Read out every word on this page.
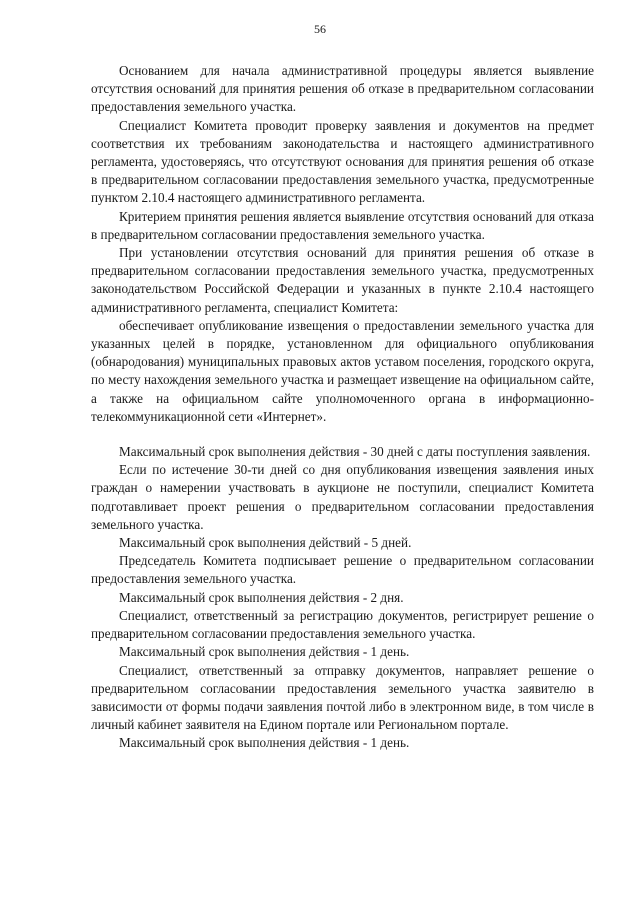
56

Основанием для начала административной процедуры является выявление отсутствия оснований для принятия решения об отказе в предварительном согласовании предоставления земельного участка.

Специалист Комитета проводит проверку заявления и документов на предмет соответствия их требованиям законодательства и настоящего административного регламента, удостоверяясь, что отсутствуют основания для принятия решения об отказе в предварительном согласовании предоставления земельного участка, предусмотренные пунктом 2.10.4 настоящего административного регламента.

Критерием принятия решения является выявление отсутствия оснований для отказа в предварительном согласовании предоставления земельного участка.

При установлении отсутствия оснований для принятия решения об отказе в предварительном согласовании предоставления земельного участка, предусмотренных законодательством Российской Федерации и указанных в пункте 2.10.4 настоящего административного регламента, специалист Комитета:

обеспечивает опубликование извещения о предоставлении земельного участка для указанных целей в порядке, установленном для официального опубликования (обнародования) муниципальных правовых актов уставом поселения, городского округа, по месту нахождения земельного участка и размещает извещение на официальном сайте, а также на официальном сайте уполномоченного органа в информационно-телекоммуникационной сети «Интернет».

Максимальный срок выполнения действия - 30 дней с даты поступления заявления.

Если по истечение 30-ти дней со дня опубликования извещения заявления иных граждан о намерении участвовать в аукционе не поступили, специалист Комитета подготавливает проект решения о предварительном согласовании предоставления земельного участка.

Максимальный срок выполнения действий - 5 дней.

Председатель Комитета подписывает решение о предварительном согласовании предоставления земельного участка.

Максимальный срок выполнения действия - 2 дня.

Специалист, ответственный за регистрацию документов, регистрирует решение о предварительном согласовании предоставления земельного участка.

Максимальный срок выполнения действия - 1 день.

Специалист, ответственный за отправку документов, направляет решение о предварительном согласовании предоставления земельного участка заявителю в зависимости от формы подачи заявления почтой либо в электронном виде, в том числе в личный кабинет заявителя на Едином портале или Региональном портале.

Максимальный срок выполнения действия - 1 день.
